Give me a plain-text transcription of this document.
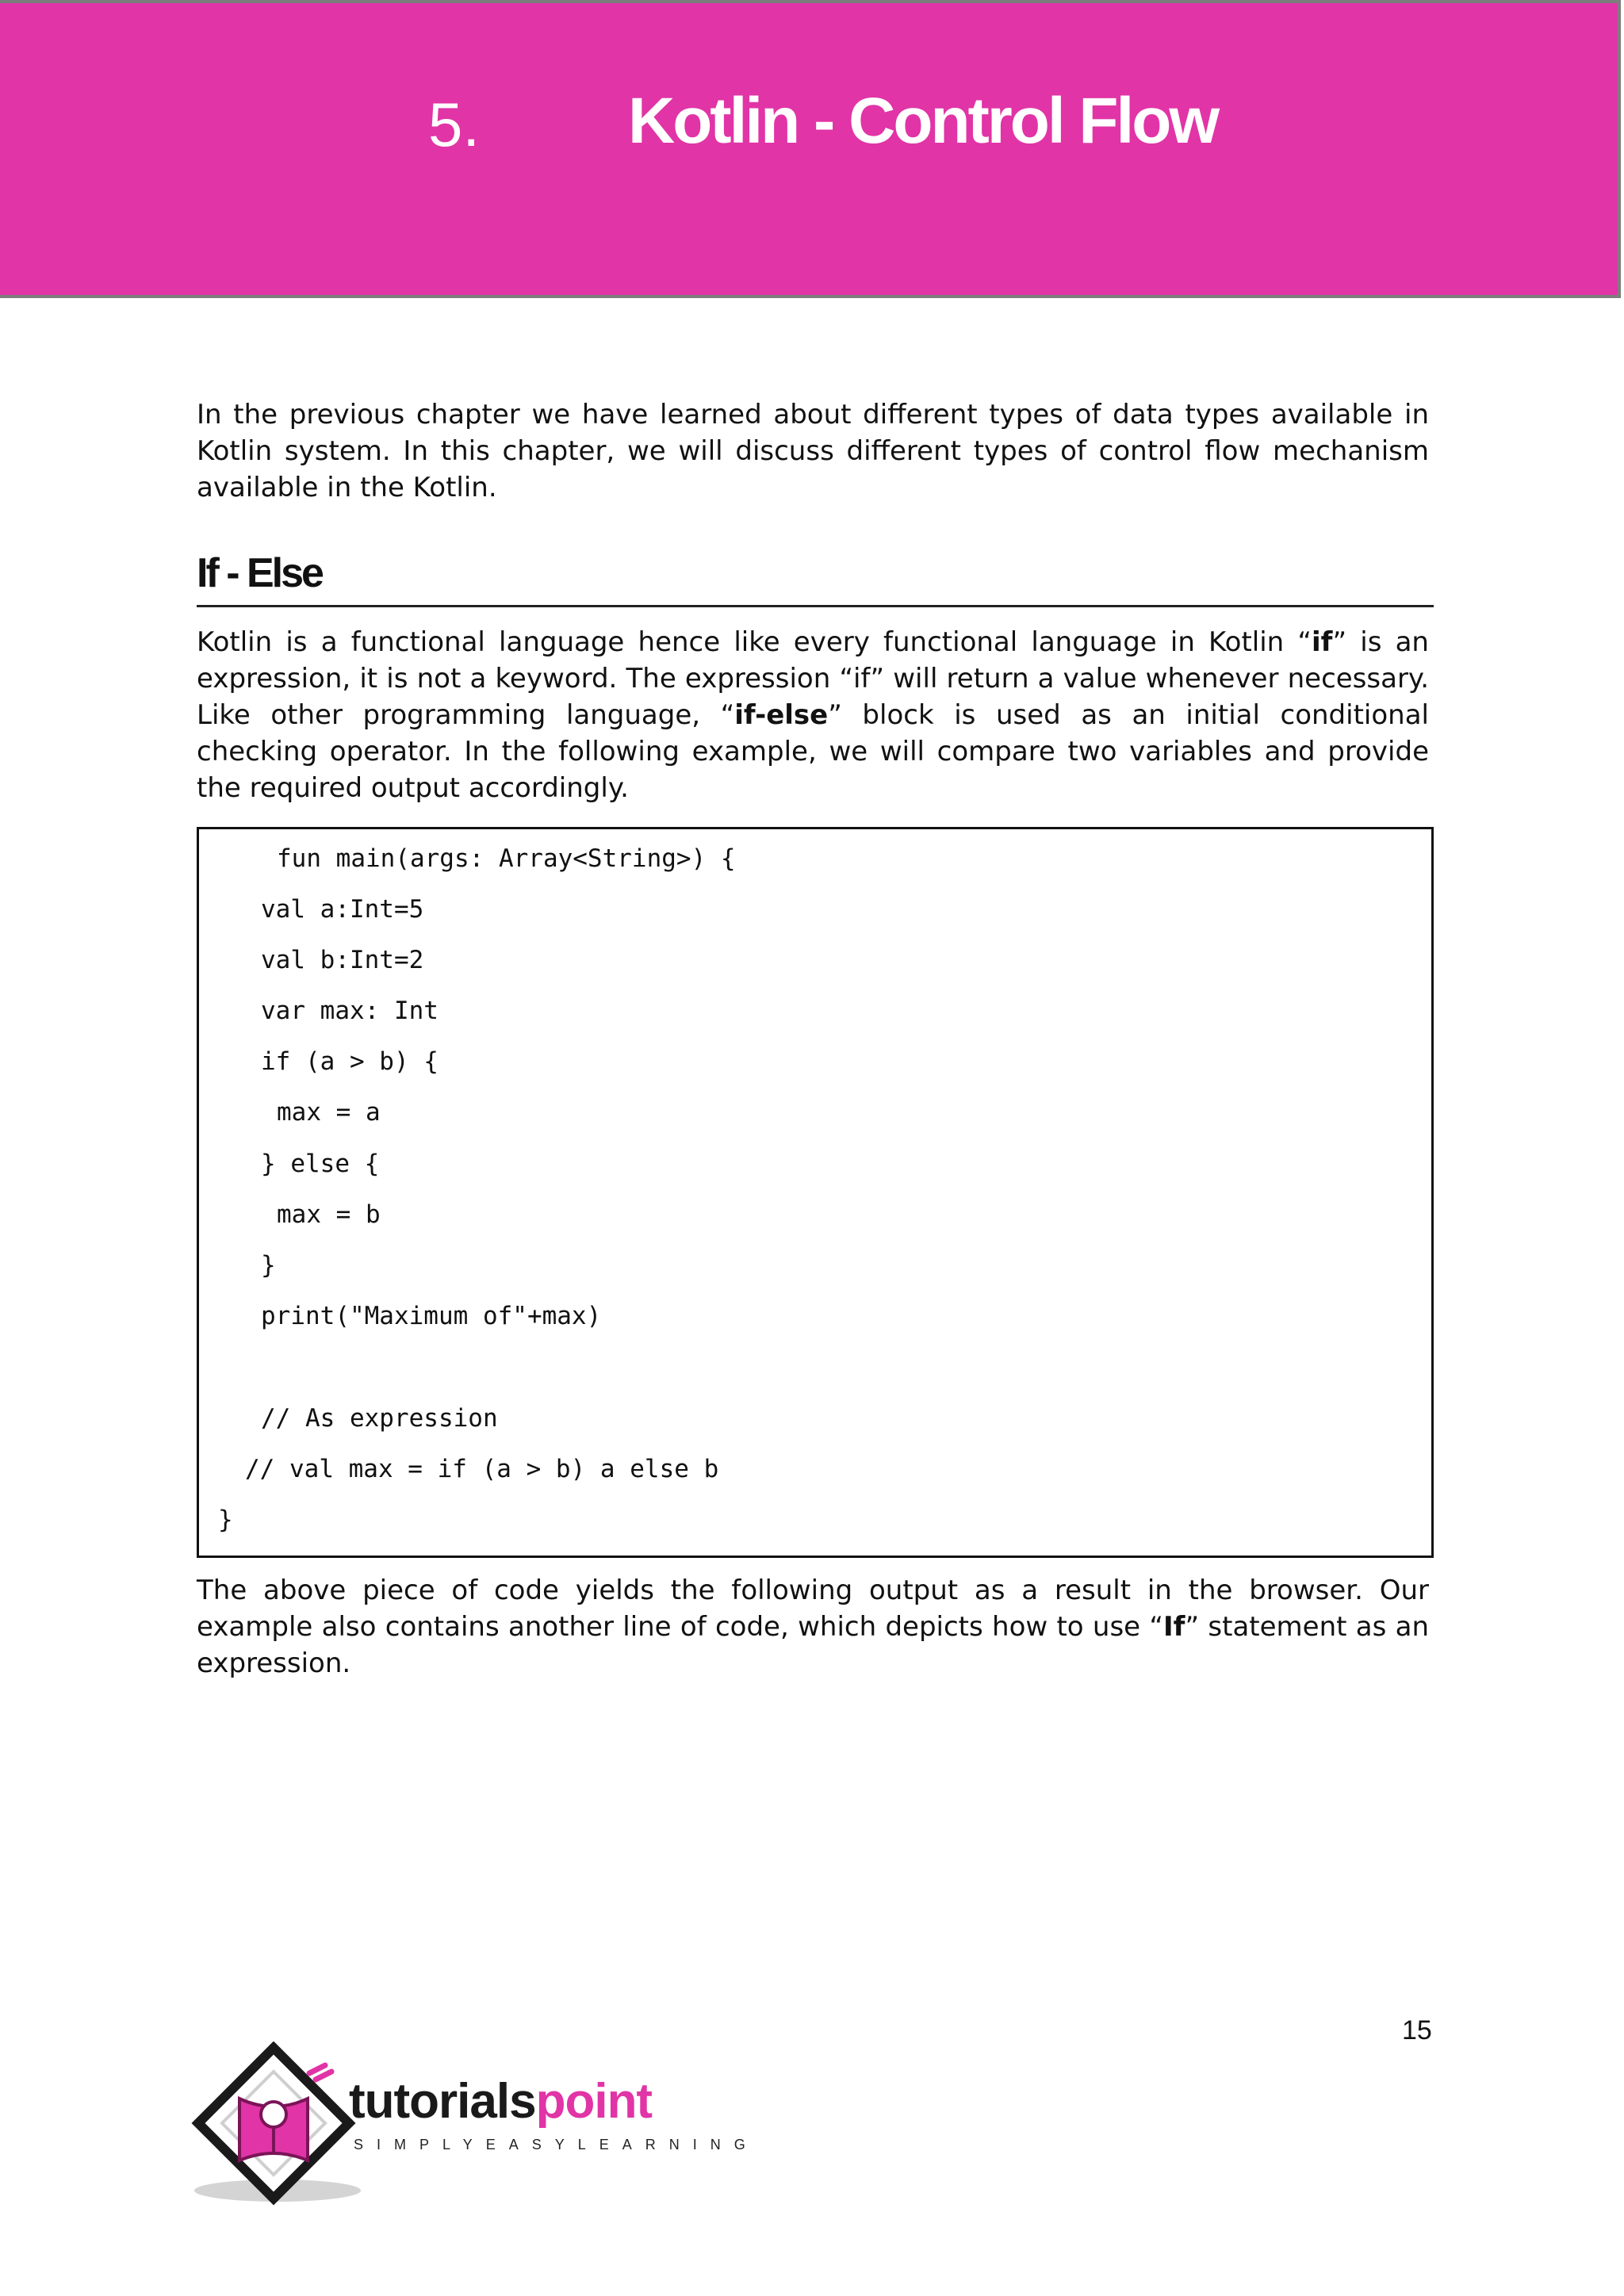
5. Kotlin - Control Flow

In the previous chapter we have learned about different types of data types available in Kotlin system. In this chapter, we will discuss different types of control flow mechanism available in the Kotlin.

If - Else

Kotlin is a functional language hence like every functional language in Kotlin “if” is an expression, it is not a keyword. The expression “if” will return a value whenever necessary. Like other programming language, “if-else” block is used as an initial conditional checking operator. In the following example, we will compare two variables and provide the required output accordingly.

fun main(args: Array<String>) {
val a:Int=5
val b:Int=2
var max: Int
if (a > b) {
max = a
} else {
max = b
}
print("Maximum of"+max)
// As expression
// val max = if (a > b) a else b
}

The above piece of code yields the following output as a result in the browser. Our example also contains another line of code, which depicts how to use “If” statement as an expression.

15
tutorialspoint
SIMPLYEASYLEARNING
